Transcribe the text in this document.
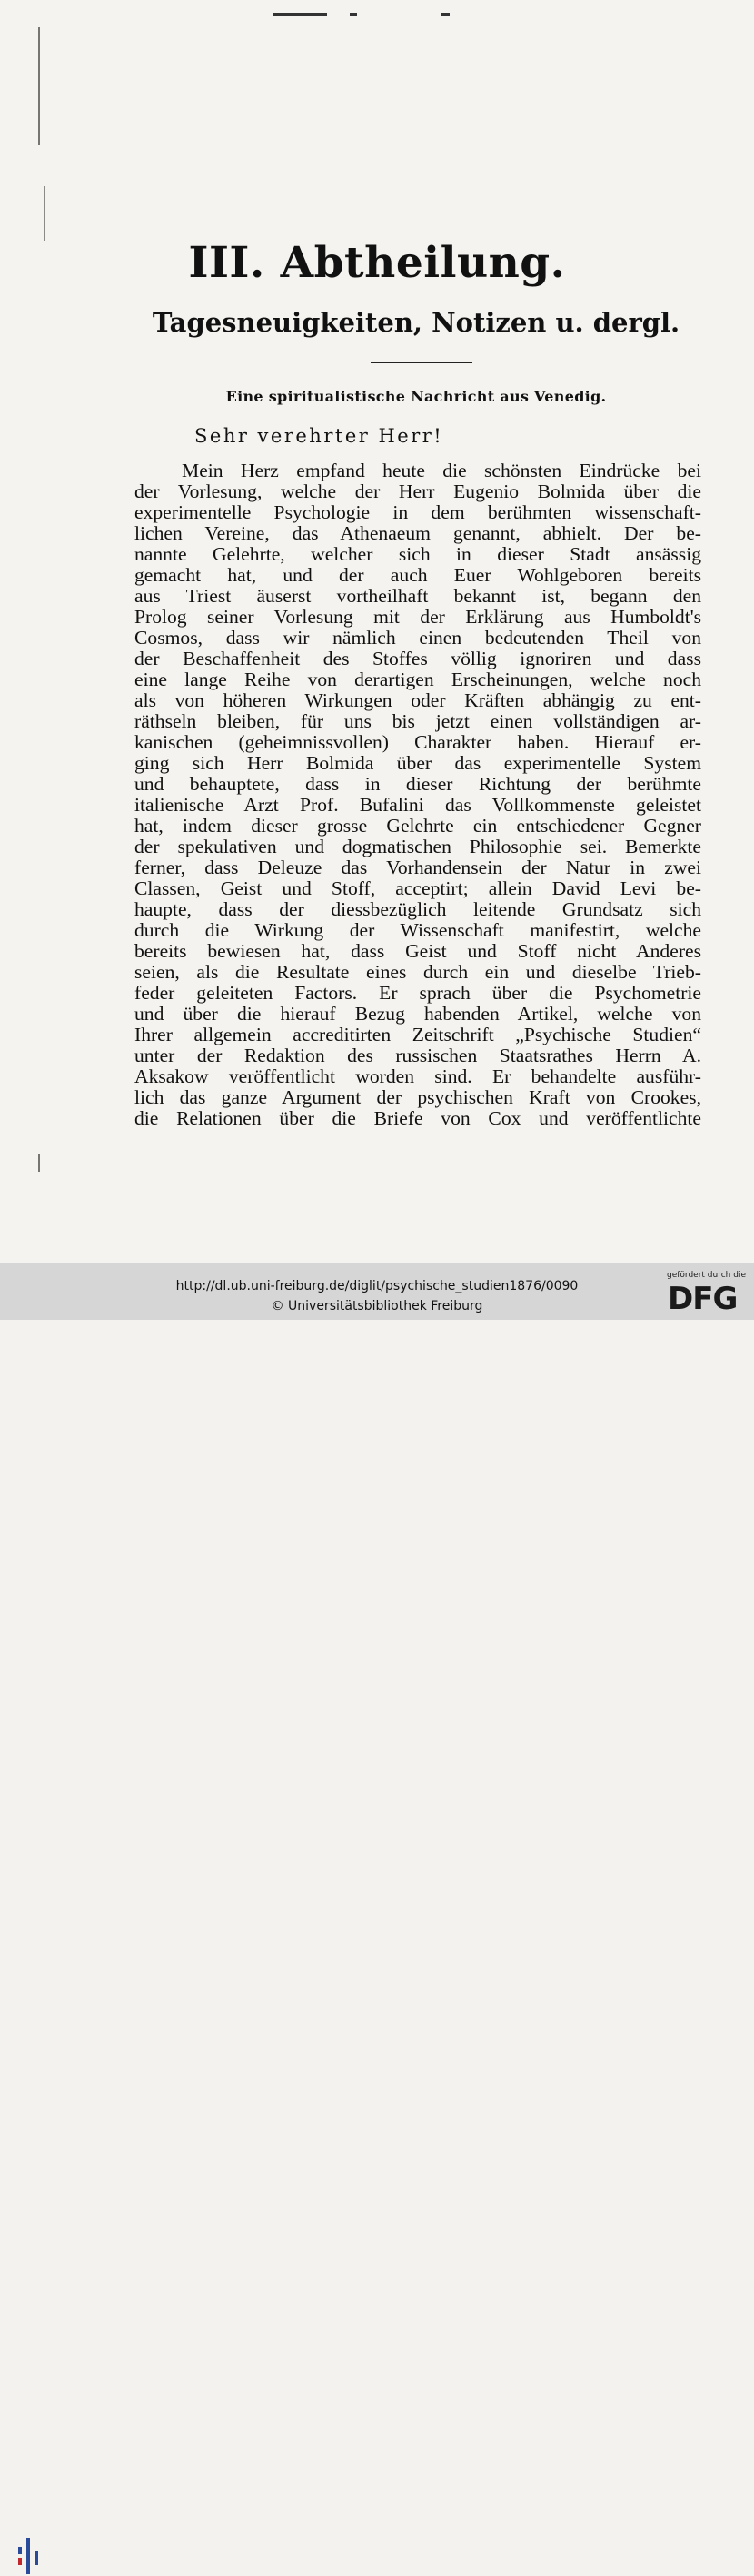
III. Abtheilung.
Tagesneuigkeiten, Notizen u. dergl.
Eine spiritualistische Nachricht aus Venedig.
Sehr verehrter Herr!
Mein Herz empfand heute die schönsten Eindrücke bei
der Vorlesung, welche der Herr Eugenio Bolmida über die
experimentelle Psychologie in dem berühmten wissenschaft-
lichen Vereine, das Athenaeum genannt, abhielt. Der be-
nannte Gelehrte, welcher sich in dieser Stadt ansässig
gemacht hat, und der auch Euer Wohlgeboren bereits
aus Triest äuserst vortheilhaft bekannt ist, begann den
Prolog seiner Vorlesung mit der Erklärung aus Humboldt's
Cosmos, dass wir nämlich einen bedeutenden Theil von
der Beschaffenheit des Stoffes völlig ignoriren und dass
eine lange Reihe von derartigen Erscheinungen, welche noch
als von höheren Wirkungen oder Kräften abhängig zu ent-
räthseln bleiben, für uns bis jetzt einen vollständigen ar-
kanischen (geheimnissvollen) Charakter haben. Hierauf er-
ging sich Herr Bolmida über das experimentelle System
und behauptete, dass in dieser Richtung der berühmte
italienische Arzt Prof. Bufalini das Vollkommenste geleistet
hat, indem dieser grosse Gelehrte ein entschiedener Gegner
der spekulativen und dogmatischen Philosophie sei. Bemerkte
ferner, dass Deleuze das Vorhandensein der Natur in zwei
Classen, Geist und Stoff, acceptirt; allein David Levi be-
haupte, dass der diessbezüglich leitende Grundsatz sich
durch die Wirkung der Wissenschaft manifestirt, welche
bereits bewiesen hat, dass Geist und Stoff nicht Anderes
seien, als die Resultate eines durch ein und dieselbe Trieb-
feder geleiteten Factors. Er sprach über die Psychometrie
und über die hierauf Bezug habenden Artikel, welche von
Ihrer allgemein accreditirten Zeitschrift „Psychische Studien“
unter der Redaktion des russischen Staatsrathes Herrn A.
Aksakow veröffentlicht worden sind. Er behandelte ausführ-
lich das ganze Argument der psychischen Kraft von Crookes,
die Relationen über die Briefe von Cox und veröffentlichte
http://dl.ub.uni-freiburg.de/diglit/psychische_studien1876/0090
© Universitätsbibliothek Freiburg
gefördert durch die
DFG
